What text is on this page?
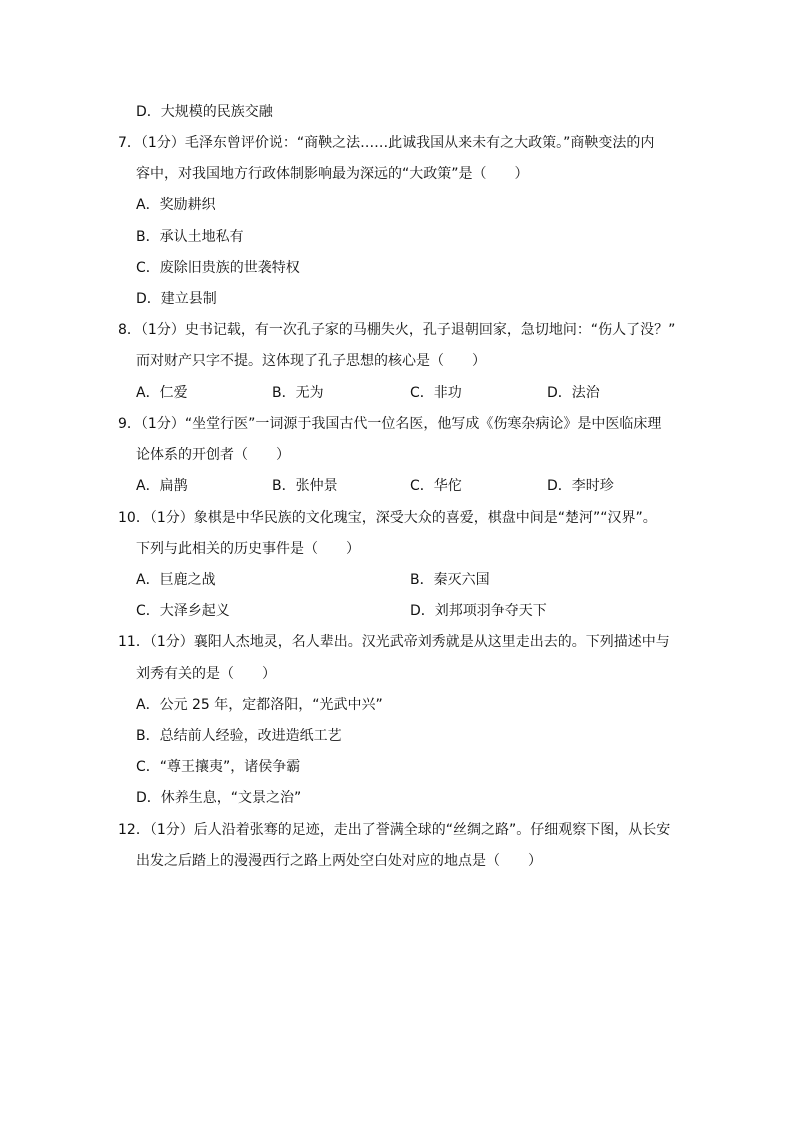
D．大规模的民族交融
7．（1分）毛泽东曾评价说：“商鞅之法……此诚我国从来未有之大政策。”商鞅变法的内
容中，对我国地方行政体制影响最为深远的“大政策”是（　　）
A．奖励耕织
B．承认土地私有
C．废除旧贵族的世袭特权
D．建立县制
8．（1分）史书记载，有一次孔子家的马棚失火，孔子退朝回家，急切地问：“伤人了没？”
而对财产只字不提。这体现了孔子思想的核心是（　　）
A．仁爱	B．无为	C．非功	D．法治
9．（1分）“坐堂行医”一词源于我国古代一位名医，他写成《伤寒杂病论》是中医临床理
论体系的开创者（　　）
A．扁鹊	B．张仲景	C．华佗	D．李时珍
10．（1分）象棋是中华民族的文化瑰宝，深受大众的喜爱，棋盘中间是“楚河”“汉界”。
下列与此相关的历史事件是（　　）
A．巨鹿之战	B．秦灭六国
C．大泽乡起义	D．刘邦项羽争夺天下
11．（1分）襄阳人杰地灵，名人辈出。汉光武帝刘秀就是从这里走出去的。下列描述中与
刘秀有关的是（　　）
A．公元 25 年，定都洛阳，“光武中兴”
B．总结前人经验，改进造纸工艺
C．“尊王攘夷”，诸侯争霸
D．休养生息，“文景之治”
12．（1分）后人沿着张骞的足迹，走出了誉满全球的“丝绸之路”。仔细观察下图，从长安
出发之后踏上的漫漫西行之路上两处空白处对应的地点是（　　）
